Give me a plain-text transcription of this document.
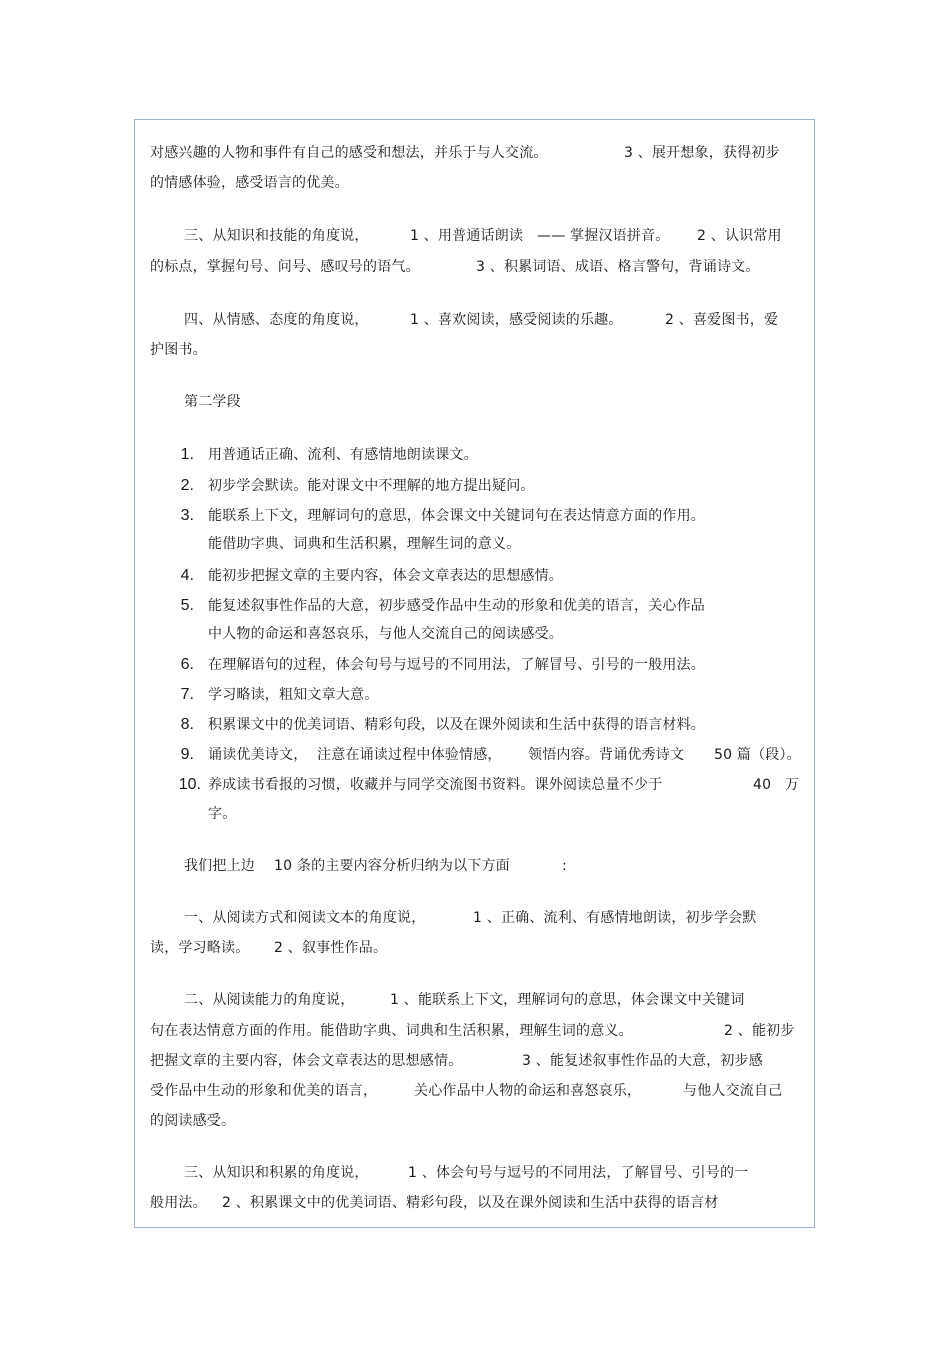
对感兴趣的人物和事件有自己的感受和想法，并乐于与人交流。	3 、展开想象，获得初步
的情感体验，感受语言的优美。
三、从知识和技能的角度说，	1 、用普通话朗读 —— 掌握汉语拼音。 2 、认识常用
的标点，掌握句号、问号、感叹号的语气。	3 、积累词语、成语、格言警句，背诵诗文。
四、从情感、态度的角度说，	1 、喜欢阅读，感受阅读的乐趣。	2 、喜爱图书，爱
护图书。
第二学段
1. 用普通话正确、流利、有感情地朗读课文。
2. 初步学会默读。能对课文中不理解的地方提出疑问。
3. 能联系上下文，理解词句的意思，体会课文中关键词句在表达情意方面的作用。
能借助字典、词典和生活积累，理解生词的意义。
4. 能初步把握文章的主要内容，体会文章表达的思想感情。
5. 能复述叙事性作品的大意，初步感受作品中生动的形象和优美的语言，关心作品
中人物的命运和喜怒哀乐，与他人交流自己的阅读感受。
6. 在理解语句的过程，体会句号与逗号的不同用法，了解冒号、引号的一般用法。
7. 学习略读，粗知文章大意。
8. 积累课文中的优美词语、精彩句段，以及在课外阅读和生活中获得的语言材料。
9. 诵读优美诗文， 注意在诵读过程中体验情感， 领悟内容。背诵优秀诗文 50 篇（段）。
10. 养成读书看报的习惯，收藏并与同学交流图书资料。课外阅读总量不少于	40 万
字。
我们把上边 10 条的主要内容分析归纳为以下方面	:
一、从阅读方式和阅读文本的角度说，	1 、正确、流利、有感情地朗读，初步学会默
读，学习略读。 2 、叙事性作品。
二、从阅读能力的角度说，	1 、能联系上下文，理解词句的意思，体会课文中关键词
句在表达情意方面的作用。能借助字典、词典和生活积累，理解生词的意义。	2 、能初步
把握文章的主要内容，体会文章表达的思想感情。	3 、能复述叙事性作品的大意，初步感
受作品中生动的形象和优美的语言，	关心作品中人物的命运和喜怒哀乐，	与他人交流自己
的阅读感受。
三、从知识和积累的角度说，	1 、体会句号与逗号的不同用法，了解冒号、引号的一
般用法。 2 、积累课文中的优美词语、精彩句段，以及在课外阅读和生活中获得的语言材
